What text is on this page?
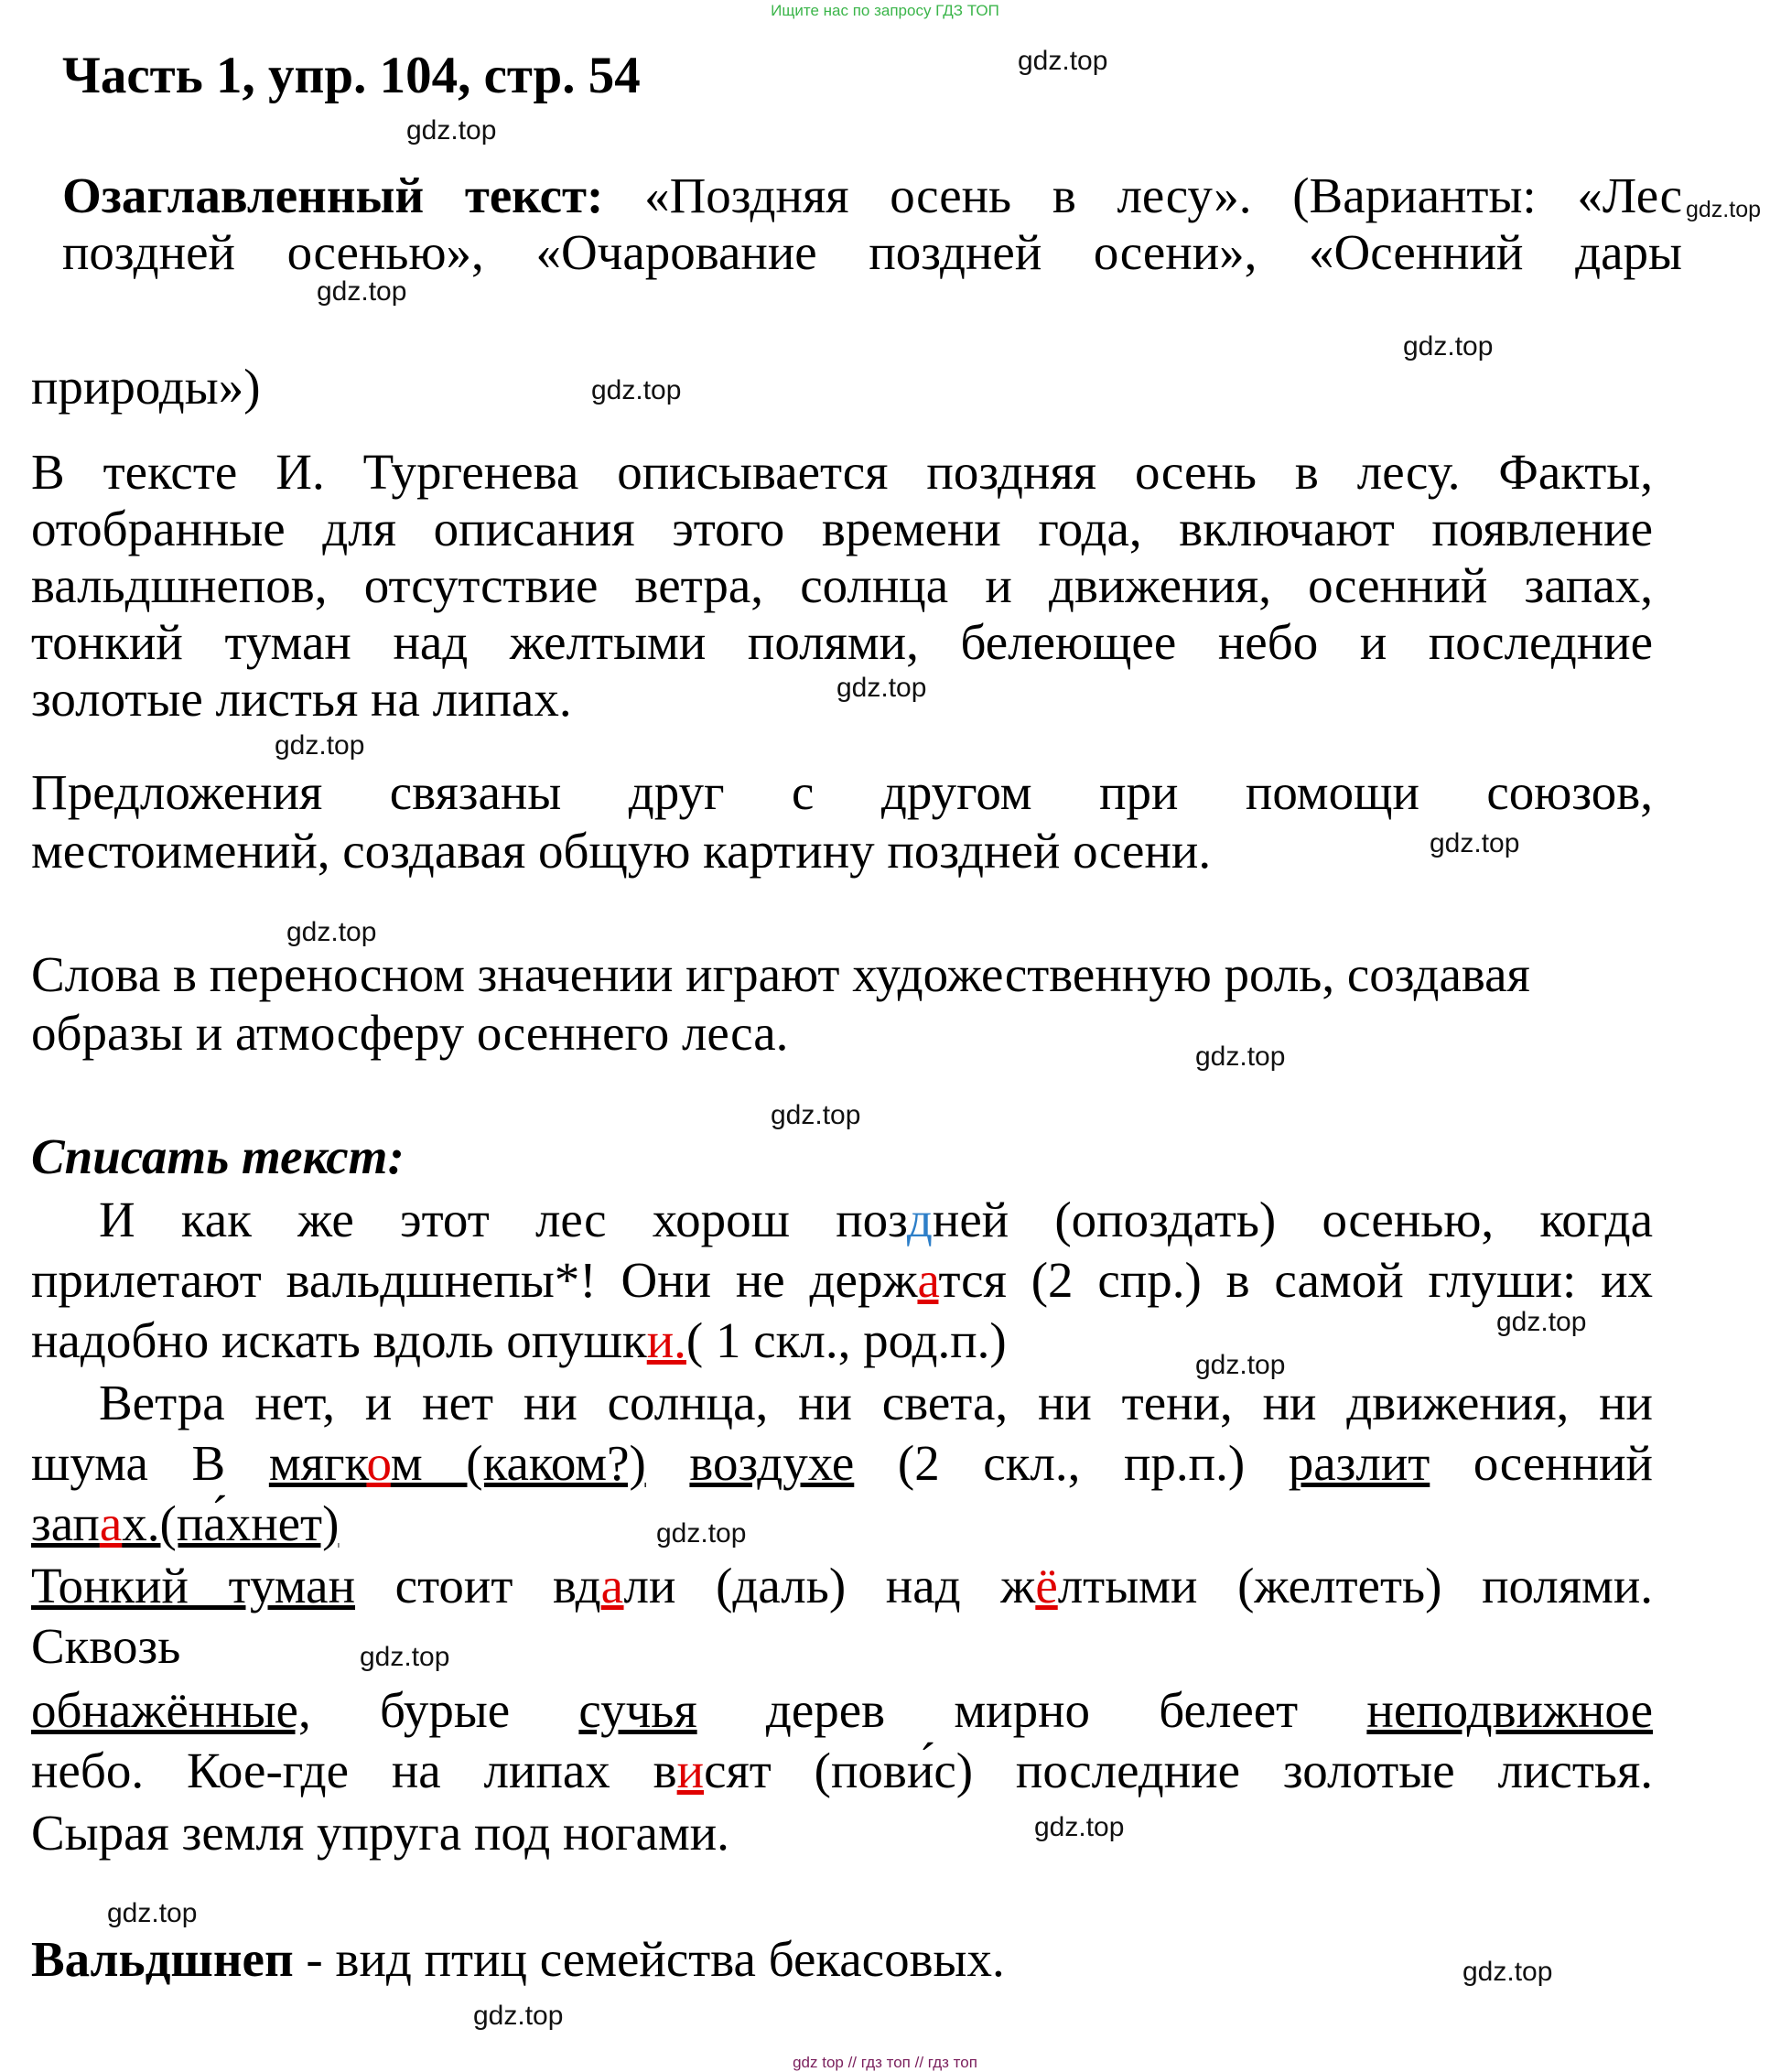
Ищите нас по запросу ГДЗ ТОП
Часть 1, упр. 104, стр. 54
Озаглавленный текст: «Поздняя осень в лесу». (Варианты: «Лес
поздней осенью», «Очарование поздней осени», «Осенний дары
природы»)
В тексте И. Тургенева описывается поздняя осень в лесу. Факты,
отобранные для описания этого времени года, включают появление
вальдшнепов, отсутствие ветра, солнца и движения, осенний запах,
тонкий туман над желтыми полями, белеющее небо и последние
золотые листья на липах.
Предложения связаны друг с другом при помощи союзов,
местоимений, создавая общую картину поздней осени.
Слова в переносном значении играют художественную роль, создавая
образы и атмосферу осеннего леса.
Списать текст:
И как же этот лес хорош поздней (опоздать) осенью, когда
прилетают вальдшнепы*! Они не держатся (2 спр.) в самой глуши: их
надобно искать вдоль опушки.( 1 скл., род.п.)
Ветра нет, и нет ни солнца, ни света, ни тени, ни движения, ни
шума В мягком (каком?) воздухе (2 скл., пр.п.) разлит осенний
запах.(па́хнет)
Тонкий туман стоит вдали (даль) над жёлтыми (желтеть) полями.
Сквозь
обнажённые, бурые сучья дерев мирно белеет неподвижное
небо. Кое-где на липах висят (пови́с) последние золотые листья.
Сырая земля упруга под ногами.
Вальдшнеп - вид птиц семейства бекасовых.
gdz.top
gdz.top
gdz.top
gdz.top
gdz.top
gdz.top
gdz.top
gdz.top
gdz.top
gdz.top
gdz.top
gdz.top
gdz.top
gdz.top
gdz.top
gdz.top
gdz.top
gdz.top
gdz.top
gdz.top
gdz top // гдз топ // гдз топ
